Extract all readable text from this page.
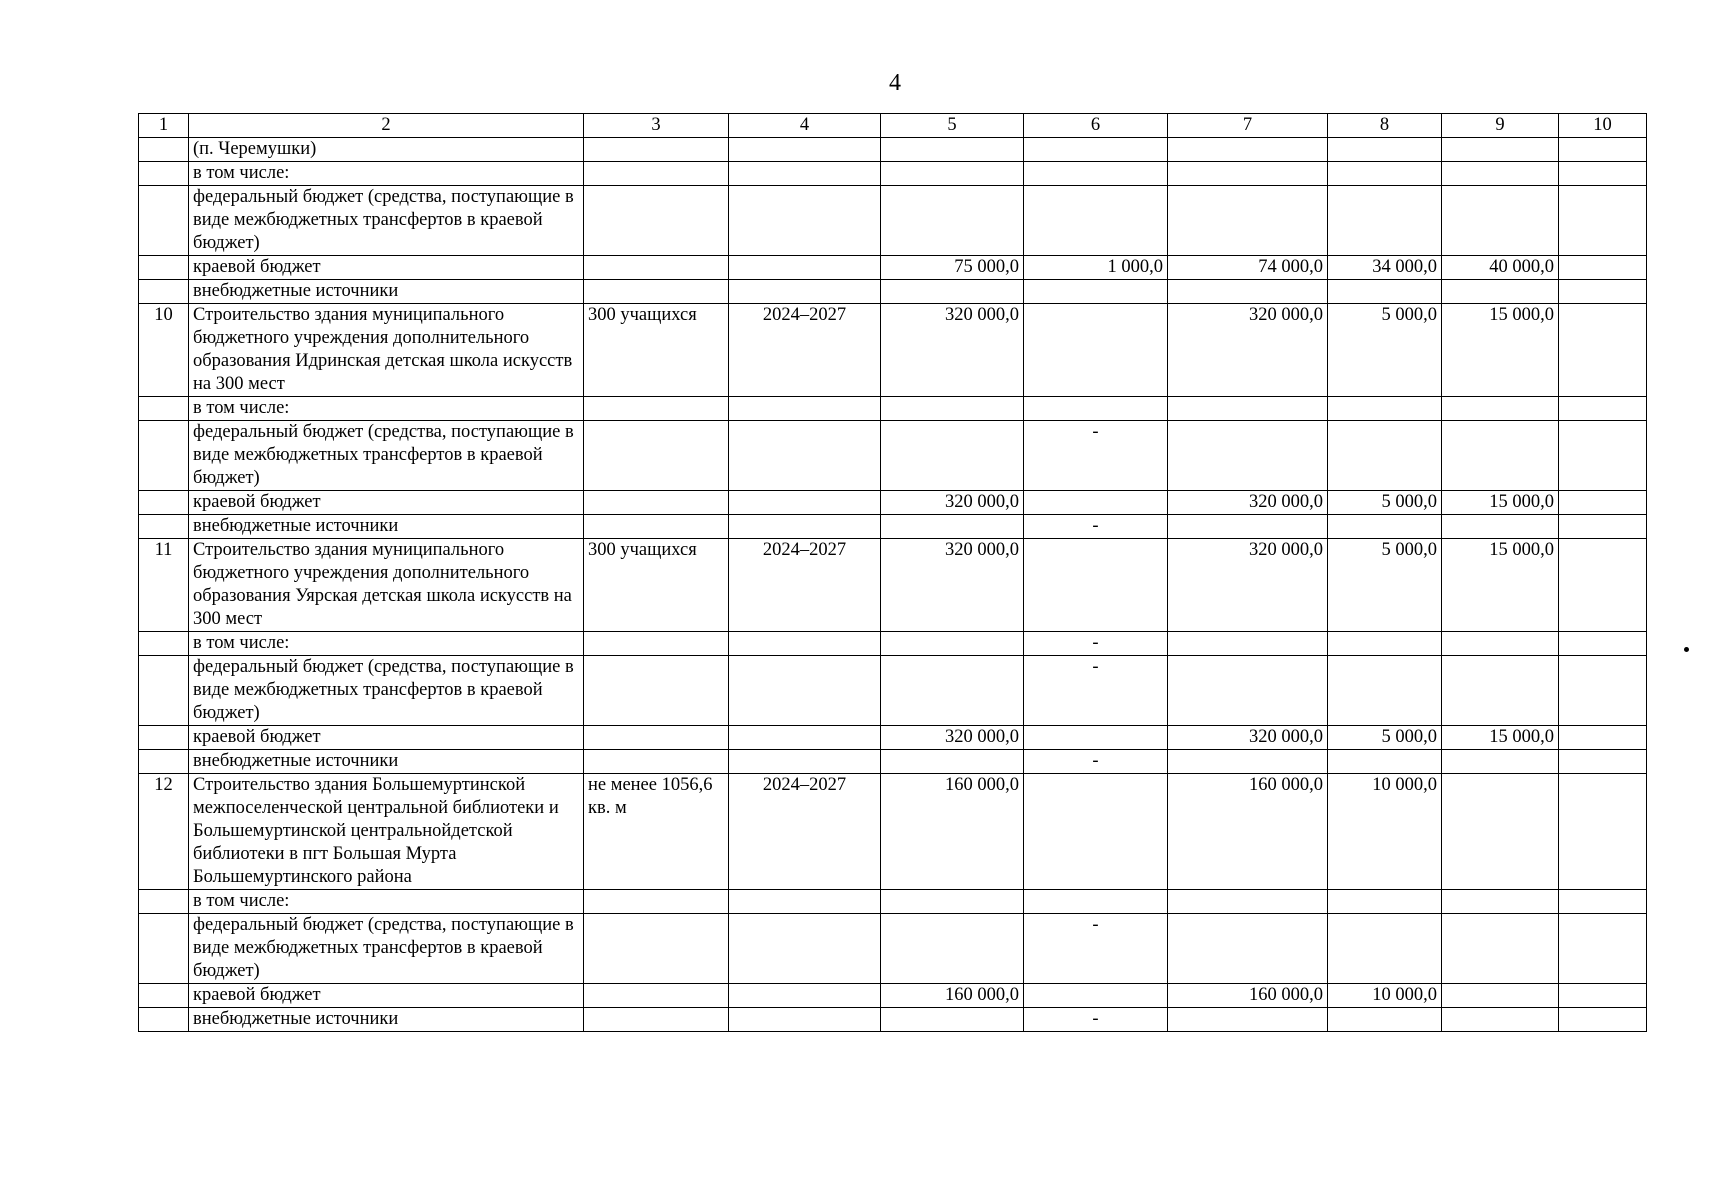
4
1	2	3	4	5	6	7	8	9	10
	(п. Черемушки)								
	в том числе:								
	федеральный бюджет (средства, поступающие в виде межбюджетных трансфертов в краевой бюджет)								
	краевой бюджет			75 000,0	1 000,0	74 000,0	34 000,0	40 000,0	
	внебюджетные источники								
10	Строительство здания муниципального бюджетного учреждения дополнительного образования Идринская детская школа искусств на 300 мест	300 учащихся	2024–2027	320 000,0		320 000,0	5 000,0	15 000,0	
	в том числе:								
	федеральный бюджет (средства, поступающие в виде межбюджетных трансфертов в краевой бюджет)				-				
	краевой бюджет			320 000,0		320 000,0	5 000,0	15 000,0	
	внебюджетные источники				-				
11	Строительство здания муниципального бюджетного учреждения дополнительного образования Уярская детская школа искусств на 300 мест	300 учащихся	2024–2027	320 000,0		320 000,0	5 000,0	15 000,0	
	в том числе:				-				
	федеральный бюджет (средства, поступающие в виде межбюджетных трансфертов в краевой бюджет)				-				
	краевой бюджет			320 000,0		320 000,0	5 000,0	15 000,0	
	внебюджетные источники				-				
12	Строительство здания Большемуртинской межпоселенческой центральной библиотеки и Большемуртинской центральнойдетской библиотеки в пгт Большая Мурта Большемуртинского района	не менее 1056,6 кв. м	2024–2027	160 000,0		160 000,0	10 000,0		
	в том числе:								
	федеральный бюджет (средства, поступающие в виде межбюджетных трансфертов в краевой бюджет)				-				
	краевой бюджет			160 000,0		160 000,0	10 000,0		
	внебюджетные источники				-				
